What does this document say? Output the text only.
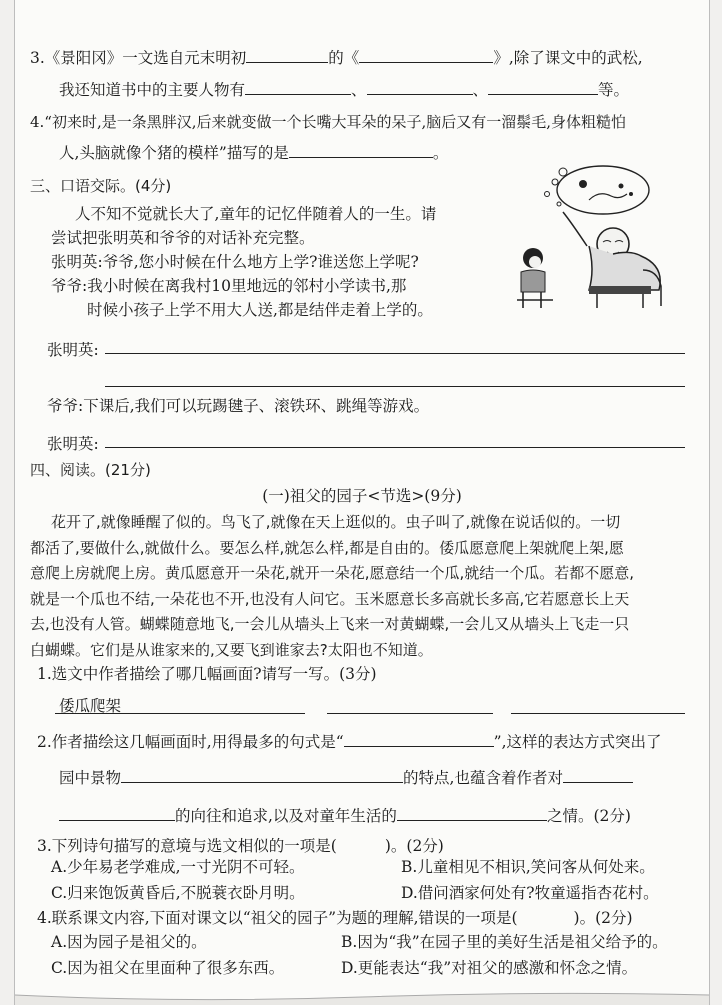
3.《景阳冈》一文选自元末明初	的《	》,除了课文中的武松,
我还知道书中的主要人物有	、	、	等。
4.“初来时,是一条黑胖汉,后来就变做一个长嘴大耳朵的呆子,脑后又有一溜鬃毛,身体粗糙怕
人,头脑就像个猪的模样”描写的是	。
三、口语交际。(4分)
人不知不觉就长大了,童年的记忆伴随着人的一生。请
尝试把张明英和爷爷的对话补充完整。
张明英:爷爷,您小时候在什么地方上学?谁送您上学呢?
爷爷:我小时候在离我村10里地远的邻村小学读书,那
时候小孩子上学不用大人送,都是结伴走着上学的。
张明英:
爷爷:下课后,我们可以玩踢毽子、滚铁环、跳绳等游戏。
张明英:
四、阅读。(21分)
(一)祖父的园子<节选>(9分)
花开了,就像睡醒了似的。鸟飞了,就像在天上逛似的。虫子叫了,就像在说话似的。一切
都活了,要做什么,就做什么。要怎么样,就怎么样,都是自由的。倭瓜愿意爬上架就爬上架,愿
意爬上房就爬上房。黄瓜愿意开一朵花,就开一朵花,愿意结一个瓜,就结一个瓜。若都不愿意,
就是一个瓜也不结,一朵花也不开,也没有人问它。玉米愿意长多高就长多高,它若愿意长上天
去,也没有人管。蝴蝶随意地飞,一会儿从墙头上飞来一对黄蝴蝶,一会儿又从墙头上飞走一只
白蝴蝶。它们是从谁家来的,又要飞到谁家去?太阳也不知道。
1.选文中作者描绘了哪几幅画面?请写一写。(3分)
倭瓜爬架
2.作者描绘这几幅画面时,用得最多的句式是“	”,这样的表达方式突出了
园中景物	的特点,也蕴含着作者对
的向往和追求,以及对童年生活的	之情。(2分)
3.下列诗句描写的意境与选文相似的一项是(	)。(2分)
A.少年易老学难成,一寸光阴不可轻。	B.儿童相见不相识,笑问客从何处来。
C.归来饱饭黄昏后,不脱蓑衣卧月明。	D.借问酒家何处有?牧童遥指杏花村。
4.联系课文内容,下面对课文以“祖父的园子”为题的理解,错误的一项是(	)。(2分)
A.因为园子是祖父的。	B.因为“我”在园子里的美好生活是祖父给予的。
C.因为祖父在里面种了很多东西。	D.更能表达“我”对祖父的感激和怀念之情。
